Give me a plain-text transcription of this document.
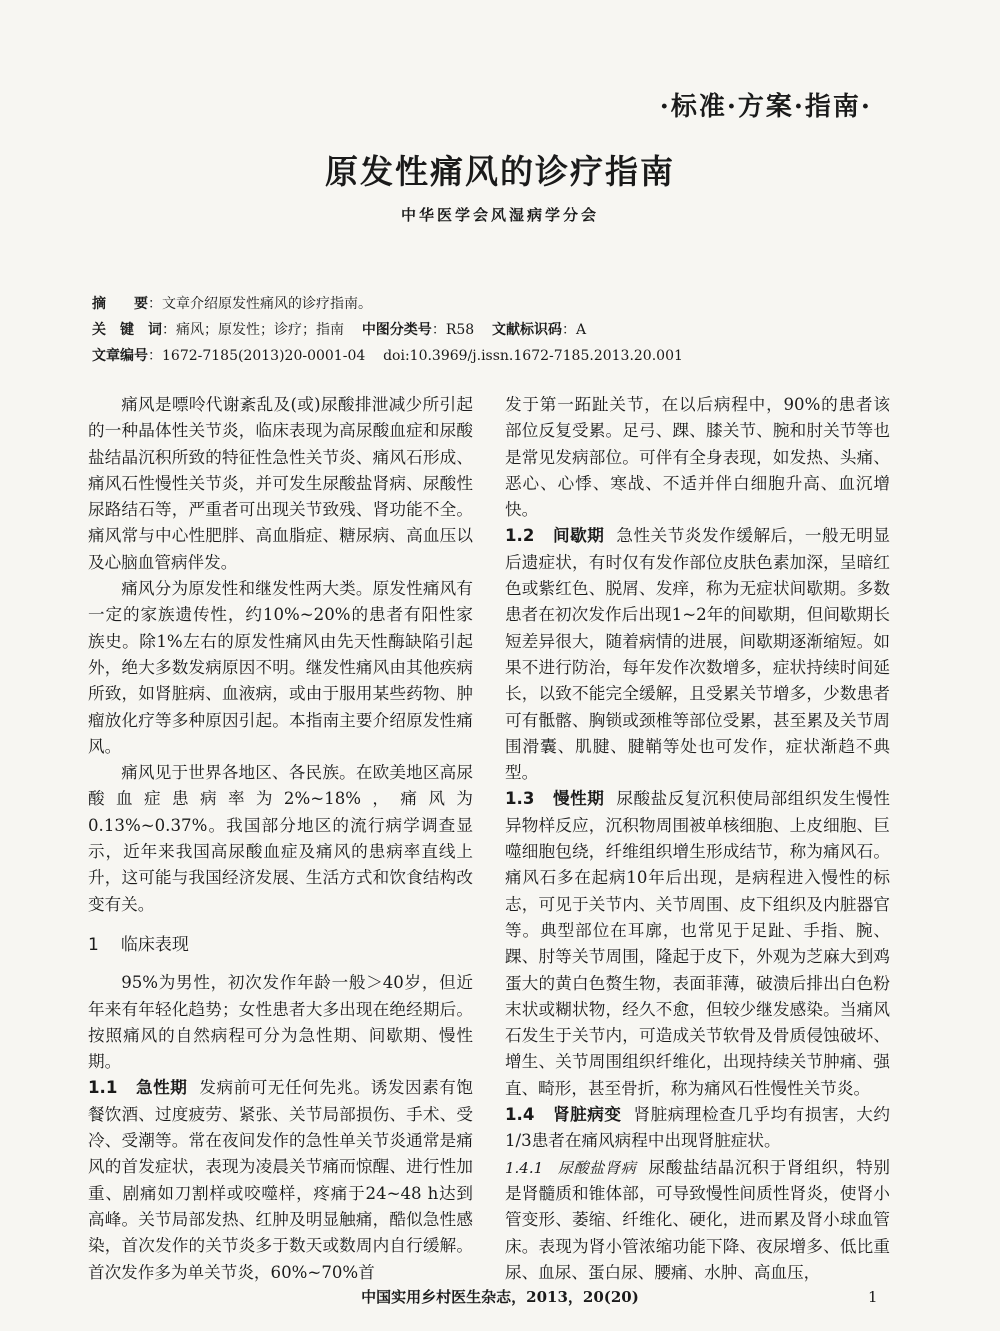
·标准·方案·指南·
原发性痛风的诊疗指南
中华医学会风湿病学分会
摘　　要：文章介绍原发性痛风的诊疗指南。
关　键　词：痛风；原发性；诊疗；指南 中图分类号：R58 文献标识码：A
文章编号：1672-7185(2013)20-0001-04 doi:10.3969/j.issn.1672-7185.2013.20.001

痛风是嘌呤代谢紊乱及(或)尿酸排泄减少所引起的一种晶体性关节炎，临床表现为高尿酸血症和尿酸盐结晶沉积所致的特征性急性关节炎、痛风石形成、痛风石性慢性关节炎，并可发生尿酸盐肾病、尿酸性尿路结石等，严重者可出现关节致残、肾功能不全。痛风常与中心性肥胖、高血脂症、糖尿病、高血压以及心脑血管病伴发。

痛风分为原发性和继发性两大类。原发性痛风有一定的家族遗传性，约10%~20%的患者有阳性家族史。除1%左右的原发性痛风由先天性酶缺陷引起外，绝大多数发病原因不明。继发性痛风由其他疾病所致，如肾脏病、血液病，或由于服用某些药物、肿瘤放化疗等多种原因引起。本指南主要介绍原发性痛风。

痛风见于世界各地区、各民族。在欧美地区高尿酸血症患病率为2%~18%，痛风为0.13%~0.37%。我国部分地区的流行病学调查显示，近年来我国高尿酸血症及痛风的患病率直线上升，这可能与我国经济发展、生活方式和饮食结构改变有关。

1 临床表现

95%为男性，初次发作年龄一般＞40岁，但近年来有年轻化趋势；女性患者大多出现在绝经期后。按照痛风的自然病程可分为急性期、间歇期、慢性期。

1.1 急性期 发病前可无任何先兆。诱发因素有饱餐饮酒、过度疲劳、紧张、关节局部损伤、手术、受冷、受潮等。常在夜间发作的急性单关节炎通常是痛风的首发症状，表现为凌晨关节痛而惊醒、进行性加重、剧痛如刀割样或咬噬样，疼痛于24~48 h达到高峰。关节局部发热、红肿及明显触痛，酷似急性感染，首次发作的关节炎多于数天或数周内自行缓解。首次发作多为单关节炎，60%~70%首

发于第一跖趾关节，在以后病程中，90%的患者该部位反复受累。足弓、踝、膝关节、腕和肘关节等也是常见发病部位。可伴有全身表现，如发热、头痛、恶心、心悸、寒战、不适并伴白细胞升高、血沉增快。

1.2 间歇期 急性关节炎发作缓解后，一般无明显后遗症状，有时仅有发作部位皮肤色素加深，呈暗红色或紫红色、脱屑、发痒，称为无症状间歇期。多数患者在初次发作后出现1~2年的间歇期，但间歇期长短差异很大，随着病情的进展，间歇期逐渐缩短。如果不进行防治，每年发作次数增多，症状持续时间延长，以致不能完全缓解，且受累关节增多，少数患者可有骶髂、胸锁或颈椎等部位受累，甚至累及关节周围滑囊、肌腱、腱鞘等处也可发作，症状渐趋不典型。

1.3 慢性期 尿酸盐反复沉积使局部组织发生慢性异物样反应，沉积物周围被单核细胞、上皮细胞、巨噬细胞包绕，纤维组织增生形成结节，称为痛风石。痛风石多在起病10年后出现，是病程进入慢性的标志，可见于关节内、关节周围、皮下组织及内脏器官等。典型部位在耳廓，也常见于足趾、手指、腕、踝、肘等关节周围，隆起于皮下，外观为芝麻大到鸡蛋大的黄白色赘生物，表面菲薄，破溃后排出白色粉末状或糊状物，经久不愈，但较少继发感染。当痛风石发生于关节内，可造成关节软骨及骨质侵蚀破坏、增生、关节周围组织纤维化，出现持续关节肿痛、强直、畸形，甚至骨折，称为痛风石性慢性关节炎。

1.4 肾脏病变 肾脏病理检查几乎均有损害，大约1/3患者在痛风病程中出现肾脏症状。

1.4.1 尿酸盐肾病 尿酸盐结晶沉积于肾组织，特别是肾髓质和锥体部，可导致慢性间质性肾炎，使肾小管变形、萎缩、纤维化、硬化，进而累及肾小球血管床。表现为肾小管浓缩功能下降、夜尿增多、低比重尿、血尿、蛋白尿、腰痛、水肿、高血压，

中国实用乡村医生杂志，2013，20(20)	1
